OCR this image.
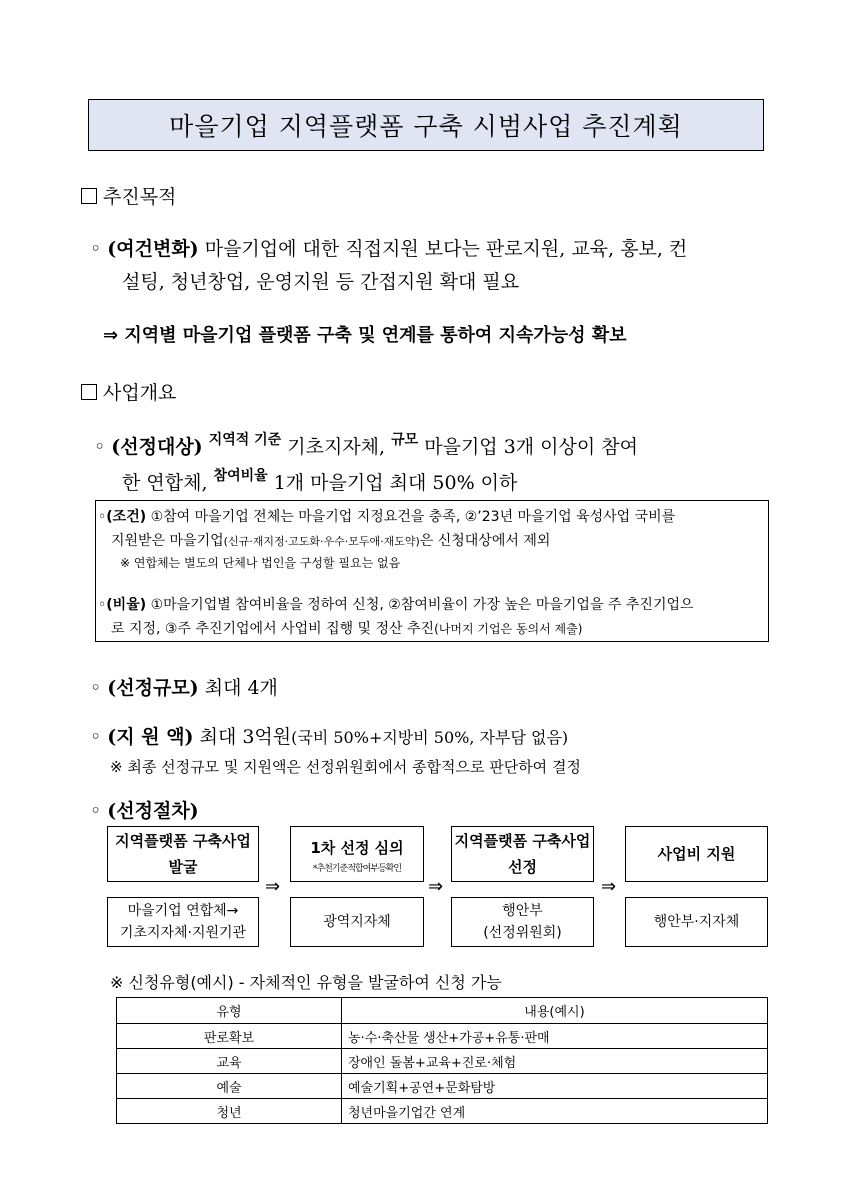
마을기업 지역플랫폼 구축 시범사업 추진계획
추진목적
◦ (여건변화) 마을기업에 대한 직접지원 보다는 판로지원, 교육, 홍보, 컨
설팅, 청년창업, 운영지원 등 간접지원 확대 필요
⇒ 지역별 마을기업 플랫폼 구축 및 연계를 통하여 지속가능성 확보
사업개요
◦ (선정대상) $^{지역적 기준}$ 기초지자체, $^{규모}$ 마을기업 3개 이상이 참여
한 연합체, $^{참여비율}$ 1개 마을기업 최대 50% 이하
◦(조건) ①참여 마을기업 전체는 마을기업 지정요건을 충족, ②’23년 마을기업 육성사업 국비를
지원받은 마을기업(신규·재지정·고도화·우수·모두애·재도약)은 신청대상에서 제외
※ 연합체는 별도의 단체나 법인을 구성할 필요는 없음
◦(비율) ①마을기업별 참여비율을 정하여 신청, ②참여비율이 가장 높은 마을기업을 주 추진기업으
로 지정, ③주 추진기업에서 사업비 집행 및 정산 추진(나머지 기업은 동의서 제출)
◦ (선정규모) 최대 4개
◦ (지 원 액) 최대 3억원(국비 50%+지방비 50%, 자부담 없음)
※ 최종 선정규모 및 지원액은 선정위원회에서 종합적으로 판단하여 결정
◦ (선정절차)
지역플랫폼 구축사업
발굴
1차 선정 심의
*추천기준적합여부등확인
지역플랫폼 구축사업
선정
사업비 지원
⇒	⇒	⇒
마을기업 연합체→
기초지자체·지원기관
광역지자체
행안부
(선정위원회)
행안부·지자체
※ 신청유형(예시) - 자체적인 유형을 발굴하여 신청 가능
유형	내용(예시)
판로확보	농·수·축산물 생산+가공+유통·판매
교육	장애인 돌봄+교육+진로·체험
예술	예술기획+공연+문화탐방
청년	청년마을기업간 연계
